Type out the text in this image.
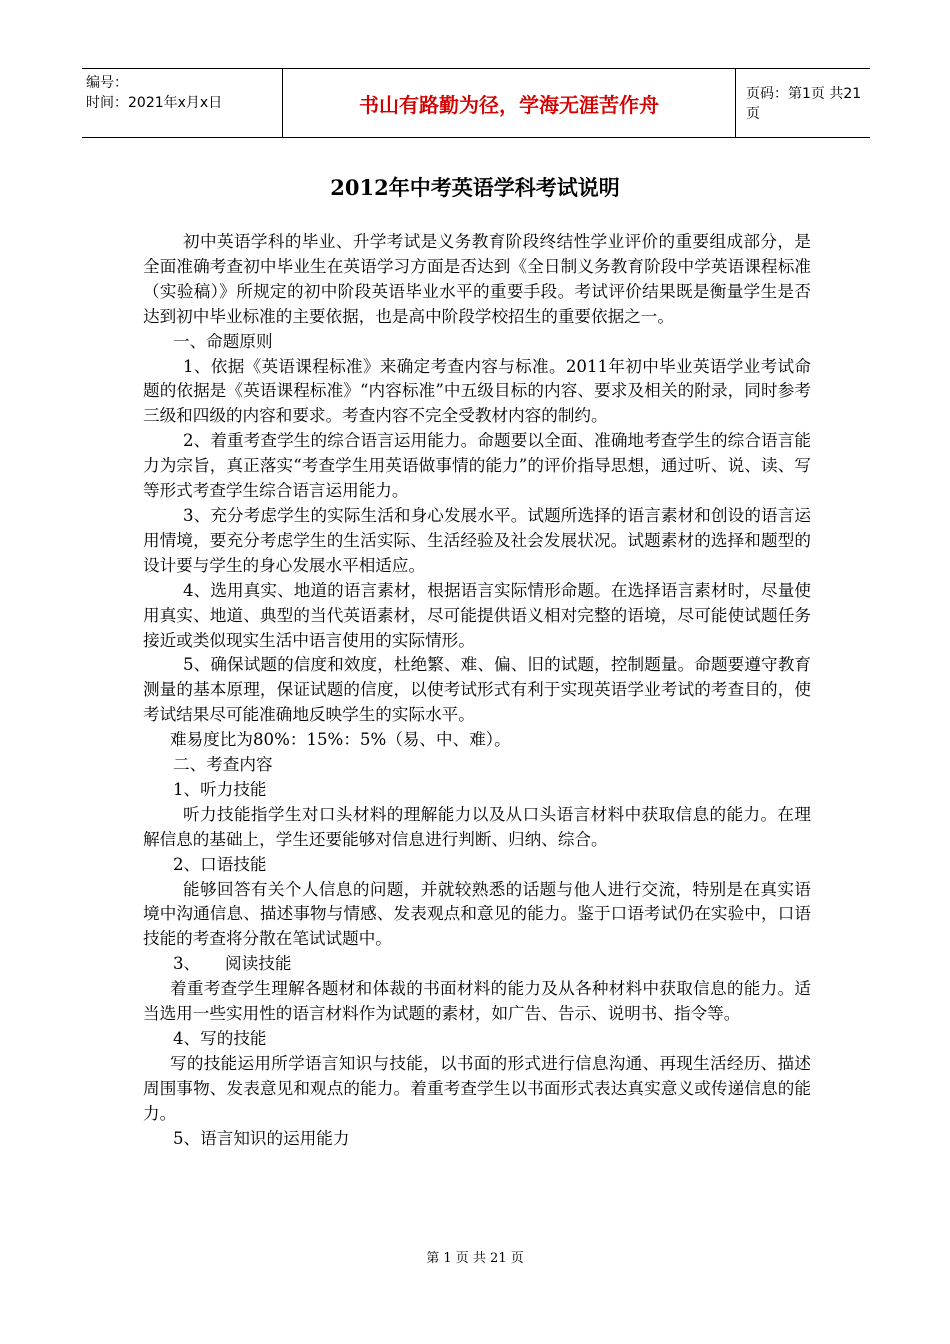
编号：
时间：2021年x月x日	书山有路勤为径，学海无涯苦作舟	页码：第1页 共21页
2012年中考英语学科考试说明

初中英语学科的毕业、升学考试是义务教育阶段终结性学业评价的重要组成部分，是全面准确考查初中毕业生在英语学习方面是否达到《全日制义务教育阶段中学英语课程标准（实验稿）》所规定的初中阶段英语毕业水平的重要手段。考试评价结果既是衡量学生是否达到初中毕业标准的主要依据，也是高中阶段学校招生的重要依据之一。

一、命题原则

1、依据《英语课程标准》来确定考查内容与标准。2011年初中毕业英语学业考试命题的依据是《英语课程标准》“内容标准”中五级目标的内容、要求及相关的附录，同时参考三级和四级的内容和要求。考查内容不完全受教材内容的制约。

2、着重考查学生的综合语言运用能力。命题要以全面、准确地考查学生的综合语言能力为宗旨，真正落实“考查学生用英语做事情的能力”的评价指导思想，通过听、说、读、写等形式考查学生综合语言运用能力。

3、充分考虑学生的实际生活和身心发展水平。试题所选择的语言素材和创设的语言运用情境，要充分考虑学生的生活实际、生活经验及社会发展状况。试题素材的选择和题型的设计要与学生的身心发展水平相适应。

4、选用真实、地道的语言素材，根据语言实际情形命题。在选择语言素材时，尽量使用真实、地道、典型的当代英语素材，尽可能提供语义相对完整的语境，尽可能使试题任务接近或类似现实生活中语言使用的实际情形。

5、确保试题的信度和效度，杜绝繁、难、偏、旧的试题，控制题量。命题要遵守教育测量的基本原理，保证试题的信度，以使考试形式有利于实现英语学业考试的考查目的，使考试结果尽可能准确地反映学生的实际水平。

难易度比为80%：15%：5%（易、中、难）。

二、考查内容

1、听力技能

听力技能指学生对口头材料的理解能力以及从口头语言材料中获取信息的能力。在理解信息的基础上，学生还要能够对信息进行判断、归纳、综合。

2、口语技能

能够回答有关个人信息的问题，并就较熟悉的话题与他人进行交流，特别是在真实语境中沟通信息、描述事物与情感、发表观点和意见的能力。鉴于口语考试仍在实验中，口语技能的考查将分散在笔试试题中。

3、　　阅读技能

着重考查学生理解各题材和体裁的书面材料的能力及从各种材料中获取信息的能力。适当选用一些实用性的语言材料作为试题的素材，如广告、告示、说明书、指令等。

4、写的技能

写的技能运用所学语言知识与技能，以书面的形式进行信息沟通、再现生活经历、描述周围事物、发表意见和观点的能力。着重考查学生以书面形式表达真实意义或传递信息的能力。

5、语言知识的运用能力

第 1 页 共 21 页
